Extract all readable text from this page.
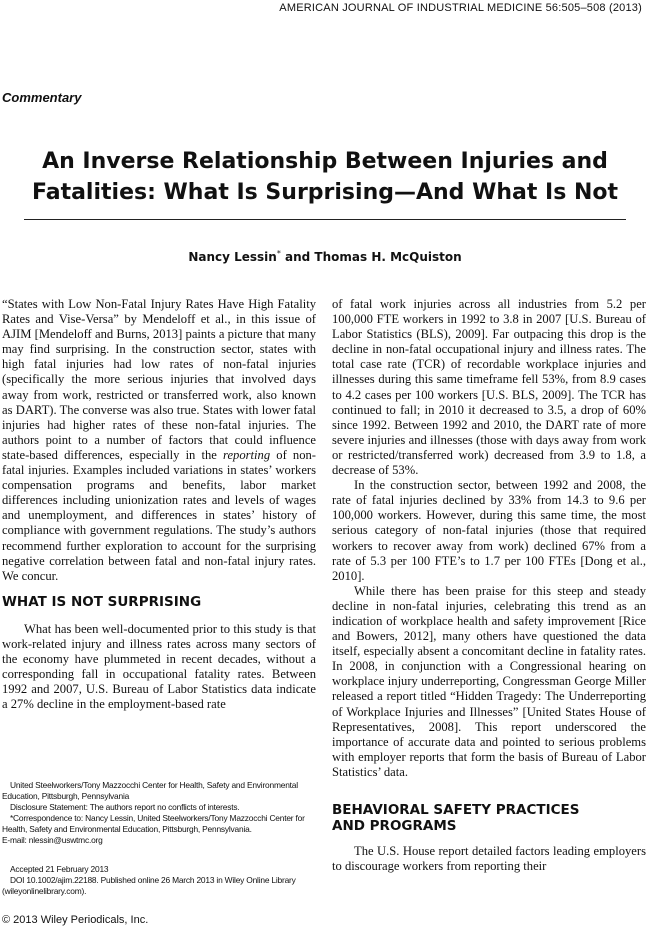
AMERICAN JOURNAL OF INDUSTRIAL MEDICINE 56:505–508 (2013)
Commentary
An Inverse Relationship Between Injuries and
Fatalities: What Is Surprising—And What Is Not
Nancy Lessin* and Thomas H. McQuiston

“States with Low Non-Fatal Injury Rates Have High Fatality Rates and Vise-Versa” by Mendeloff et al., in this issue of AJIM [Mendeloff and Burns, 2013] paints a picture that many may find surprising. In the construction sector, states with high fatal injuries had low rates of non-fatal injuries (specifically the more serious injuries that involved days away from work, restricted or transferred work, also known as DART). The converse was also true. States with lower fatal injuries had higher rates of these non-fatal injuries. The authors point to a number of factors that could influence state-based differences, especially in the reporting of non-fatal injuries. Examples included variations in states’ workers compensation programs and benefits, labor market differences including unionization rates and levels of wages and unemployment, and differences in states’ history of compliance with government regulations. The study’s authors recommend further exploration to account for the surprising negative correlation between fatal and non-fatal injury rates. We concur.

WHAT IS NOT SURPRISING

What has been well-documented prior to this study is that work-related injury and illness rates across many sectors of the economy have plummeted in recent decades, without a corresponding fall in occupational fatality rates. Between 1992 and 2007, U.S. Bureau of Labor Statistics data indicate a 27% decline in the employment-based rate

of fatal work injuries across all industries from 5.2 per 100,000 FTE workers in 1992 to 3.8 in 2007 [U.S. Bureau of Labor Statistics (BLS), 2009]. Far outpacing this drop is the decline in non-fatal occupational injury and illness rates. The total case rate (TCR) of recordable workplace injuries and illnesses during this same timeframe fell 53%, from 8.9 cases to 4.2 cases per 100 workers [U.S. BLS, 2009]. The TCR has continued to fall; in 2010 it decreased to 3.5, a drop of 60% since 1992. Between 1992 and 2010, the DART rate of more severe injuries and illnesses (those with days away from work or restricted/transferred work) decreased from 3.9 to 1.8, a decrease of 53%.

In the construction sector, between 1992 and 2008, the rate of fatal injuries declined by 33% from 14.3 to 9.6 per 100,000 workers. However, during this same time, the most serious category of non-fatal injuries (those that required workers to recover away from work) declined 67% from a rate of 5.3 per 100 FTE’s to 1.7 per 100 FTEs [Dong et al., 2010].

While there has been praise for this steep and steady decline in non-fatal injuries, celebrating this trend as an indication of workplace health and safety improvement [Rice and Bowers, 2012], many others have questioned the data itself, especially absent a concomitant decline in fatality rates. In 2008, in conjunction with a Congressional hearing on workplace injury underreporting, Congressman George Miller released a report titled “Hidden Tragedy: The Underreporting of Workplace Injuries and Illnesses” [United States House of Representatives, 2008]. This report underscored the importance of accurate data and pointed to serious problems with employer reports that form the basis of Bureau of Labor Statistics’ data.

BEHAVIORAL SAFETY PRACTICES
AND PROGRAMS

The U.S. House report detailed factors leading employers to discourage workers from reporting their

United Steelworkers/Tony Mazzocchi Center for Health, Safety and Environmental Education, Pittsburgh, Pennsylvania

Disclosure Statement: The authors report no conflicts of interests.

*Correspondence to: Nancy Lessin, United Steelworkers/Tony Mazzocchi Center for Health, Safety and Environmental Education, Pittsburgh, Pennsylvania.

E-mail: nlessin@uswtmc.org

Accepted 21 February 2013

DOI 10.1002/ajim.22188. Published online 26 March 2013 in Wiley Online Library (wileyonlinelibrary.com).

© 2013 Wiley Periodicals, Inc.
